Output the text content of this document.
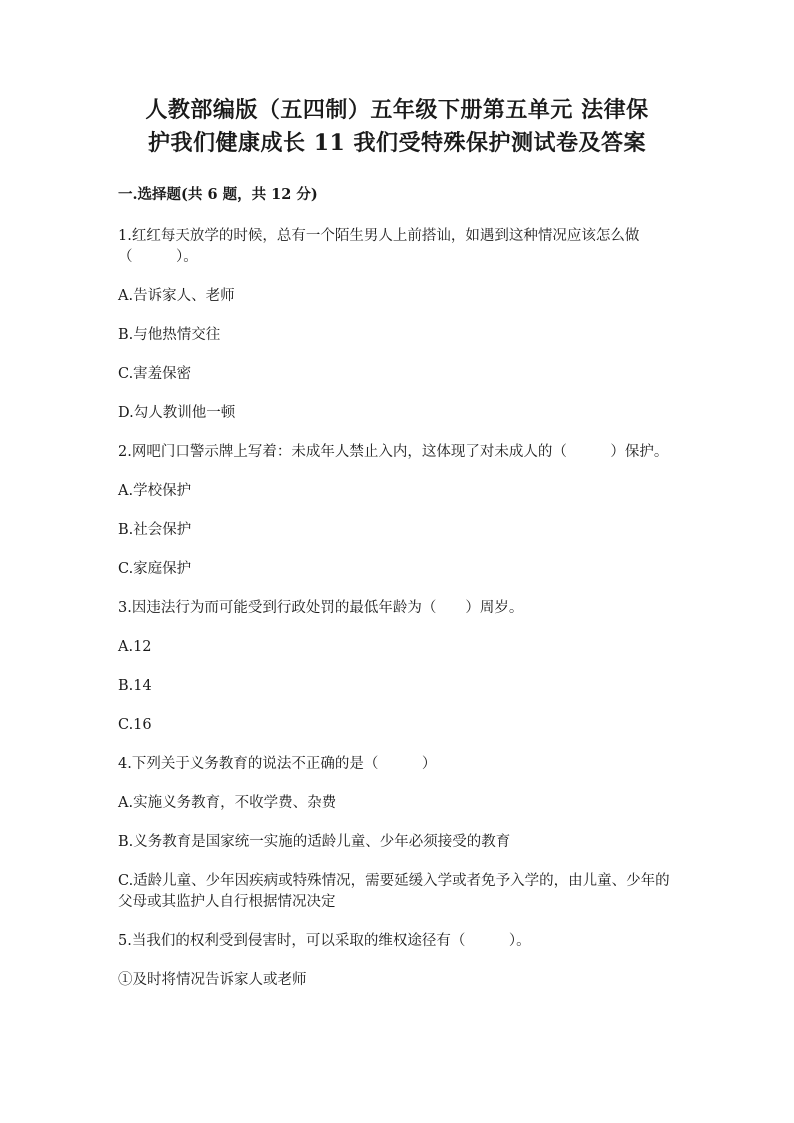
人教部编版（五四制）五年级下册第五单元 法律保
护我们健康成长 11 我们受特殊保护测试卷及答案
一.选择题(共 6 题，共 12 分)

1.红红每天放学的时候，总有一个陌生男人上前搭讪，如遇到这种情况应该怎么做（　　　）。

A.告诉家人、老师

B.与他热情交往

C.害羞保密

D.勾人教训他一顿

2.网吧门口警示牌上写着：未成年人禁止入内，这体现了对未成人的（　　　）保护。

A.学校保护

B.社会保护

C.家庭保护

3.因违法行为而可能受到行政处罚的最低年龄为（　　）周岁。

A.12

B.14

C.16

4.下列关于义务教育的说法不正确的是（　　　）

A.实施义务教育，不收学费、杂费

B.义务教育是国家统一实施的适龄儿童、少年必须接受的教育

C.适龄儿童、少年因疾病或特殊情况，需要延缓入学或者免予入学的，由儿童、少年的父母或其监护人自行根据情况决定

5.当我们的权利受到侵害时，可以采取的维权途径有（　　　）。

①及时将情况告诉家人或老师
